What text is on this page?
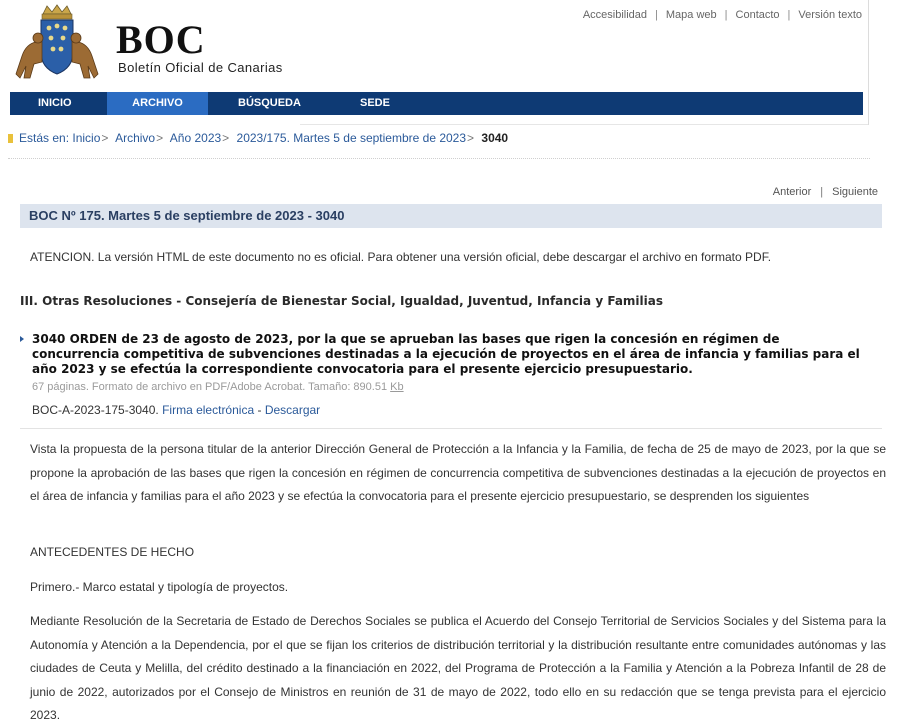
BOC
Boletín Oficial de Canarias
Accesibilidad | Mapa web | Contacto | Versión texto
INICIO	ARCHIVO	BÚSQUEDA	SEDE
Estás en: Inicio> Archivo> Año 2023> 2023/175. Martes 5 de septiembre de 2023> 3040
Anterior | Siguiente
BOC Nº 175. Martes 5 de septiembre de 2023 - 3040
ATENCION. La versión HTML de este documento no es oficial. Para obtener una versión oficial, debe descargar el archivo en formato PDF.
III. Otras Resoluciones - Consejería de Bienestar Social, Igualdad, Juventud, Infancia y Familias
3040 ORDEN de 23 de agosto de 2023, por la que se aprueban las bases que rigen la concesión en régimen de concurrencia competitiva de subvenciones destinadas a la ejecución de proyectos en el área de infancia y familias para el año 2023 y se efectúa la correspondiente convocatoria para el presente ejercicio presupuestario.
67 páginas. Formato de archivo en PDF/Adobe Acrobat. Tamaño: 890.51 Kb
BOC-A-2023-175-3040. Firma electrónica - Descargar
Vista la propuesta de la persona titular de la anterior Dirección General de Protección a la Infancia y la Familia, de fecha de 25 de mayo de 2023, por la que se propone la aprobación de las bases que rigen la concesión en régimen de concurrencia competitiva de subvenciones destinadas a la ejecución de proyectos en el área de infancia y familias para el año 2023 y se efectúa la convocatoria para el presente ejercicio presupuestario, se desprenden los siguientes
ANTECEDENTES DE HECHO
Primero.- Marco estatal y tipología de proyectos.
Mediante Resolución de la Secretaria de Estado de Derechos Sociales se publica el Acuerdo del Consejo Territorial de Servicios Sociales y del Sistema para la Autonomía y Atención a la Dependencia, por el que se fijan los criterios de distribución territorial y la distribución resultante entre comunidades autónomas y las ciudades de Ceuta y Melilla, del crédito destinado a la financiación en 2022, del Programa de Protección a la Familia y Atención a la Pobreza Infantil de 28 de junio de 2022, autorizados por el Consejo de Ministros en reunión de 31 de mayo de 2022, todo ello en su redacción que se tenga prevista para el ejercicio 2023.
